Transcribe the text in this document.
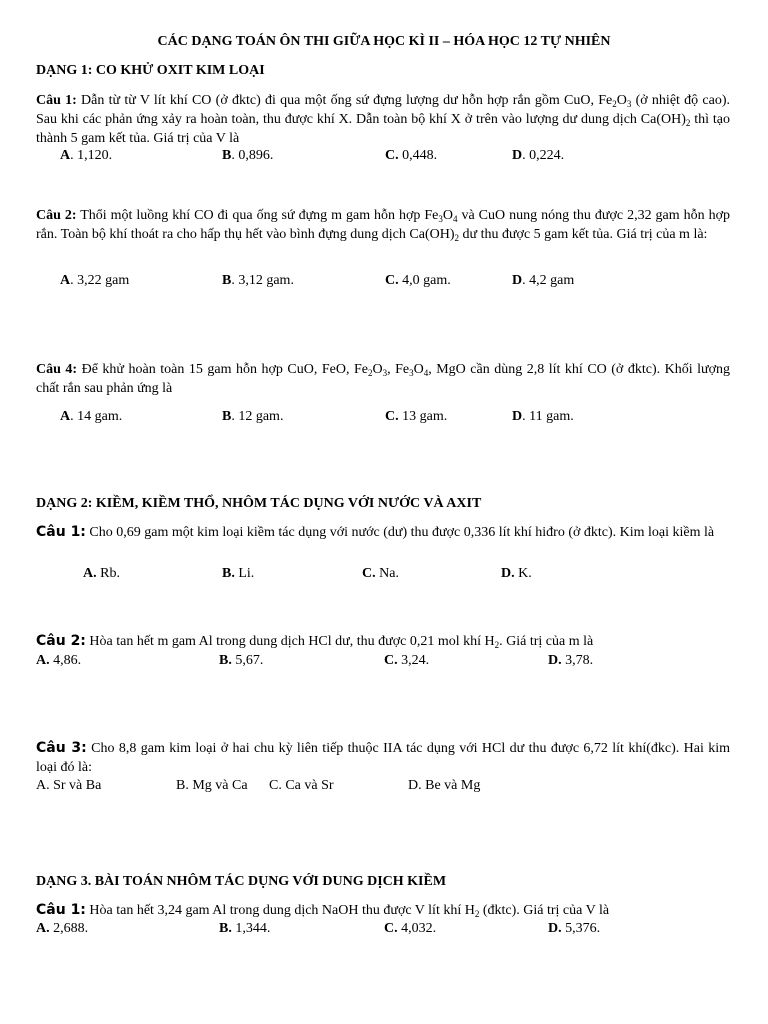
CÁC DẠNG TOÁN ÔN THI GIỮA HỌC KÌ II – HÓA HỌC 12 TỰ NHIÊN
DẠNG 1: CO KHỬ OXIT KIM LOẠI
Câu 1: Dẫn từ từ V lít khí CO (ở đktc) đi qua một ống sứ đựng lượng dư hỗn hợp rắn gồm CuO, $Fe_2O_3$ (ở nhiệt độ cao). Sau khi các phản ứng xảy ra hoàn toàn, thu được khí X. Dẫn toàn bộ khí X ở trên vào lượng dư dung dịch $Ca(OH)_2$ thì tạo thành 5 gam kết tủa. Giá trị của V là
A. 1,120.	B. 0,896.	C. 0,448.	D. 0,224.
Câu 2: Thổi một luồng khí CO đi qua ống sứ đựng m gam hỗn hợp $Fe_3O_4$ và CuO nung nóng thu được 2,32 gam hỗn hợp rắn. Toàn bộ khí thoát ra cho hấp thụ hết vào bình đựng dung dịch $Ca(OH)_2$ dư thu được 5 gam kết tủa. Giá trị của m là:
A. 3,22 gam	B. 3,12 gam.	C. 4,0 gam.	D. 4,2 gam
Câu 4: Để khử hoàn toàn 15 gam hỗn hợp CuO, FeO, $Fe_2O_3$, $Fe_3O_4$, MgO cần dùng 2,8 lít khí CO (ở đktc). Khối lượng chất rắn sau phản ứng là
A. 14 gam.	B. 12 gam.	C. 13 gam.	D. 11 gam.
DẠNG 2: KIỀM, KIỀM THỔ, NHÔM TÁC DỤNG VỚI NƯỚC VÀ AXIT
Câu 1: Cho 0,69 gam một kim loại kiềm tác dụng với nước (dư) thu được 0,336 lít khí hiđro (ở đktc). Kim loại kiềm là
A. Rb.	B. Li.	C. Na.	D. K.
Câu 2: Hòa tan hết m gam Al trong dung dịch HCl dư, thu được 0,21 mol khí $H_2$. Giá trị của m là
A. 4,86.	B. 5,67.	C. 3,24.	D. 3,78.
Câu 3: Cho 8,8 gam kim loại ở hai chu kỳ liên tiếp thuộc IIA tác dụng với HCl dư thu được 6,72 lít khí(đkc). Hai kim loại đó là:
A. Sr và Ba	B. Mg và Ca C. Ca và Sr	D. Be và Mg
DẠNG 3. BÀI TOÁN NHÔM TÁC DỤNG VỚI DUNG DỊCH KIỀM
Câu 1: Hòa tan hết 3,24 gam Al trong dung dịch NaOH thu được V lít khí $H_2$ (đktc). Giá trị của V là
A. 2,688.	B. 1,344.	C. 4,032.	D. 5,376.
